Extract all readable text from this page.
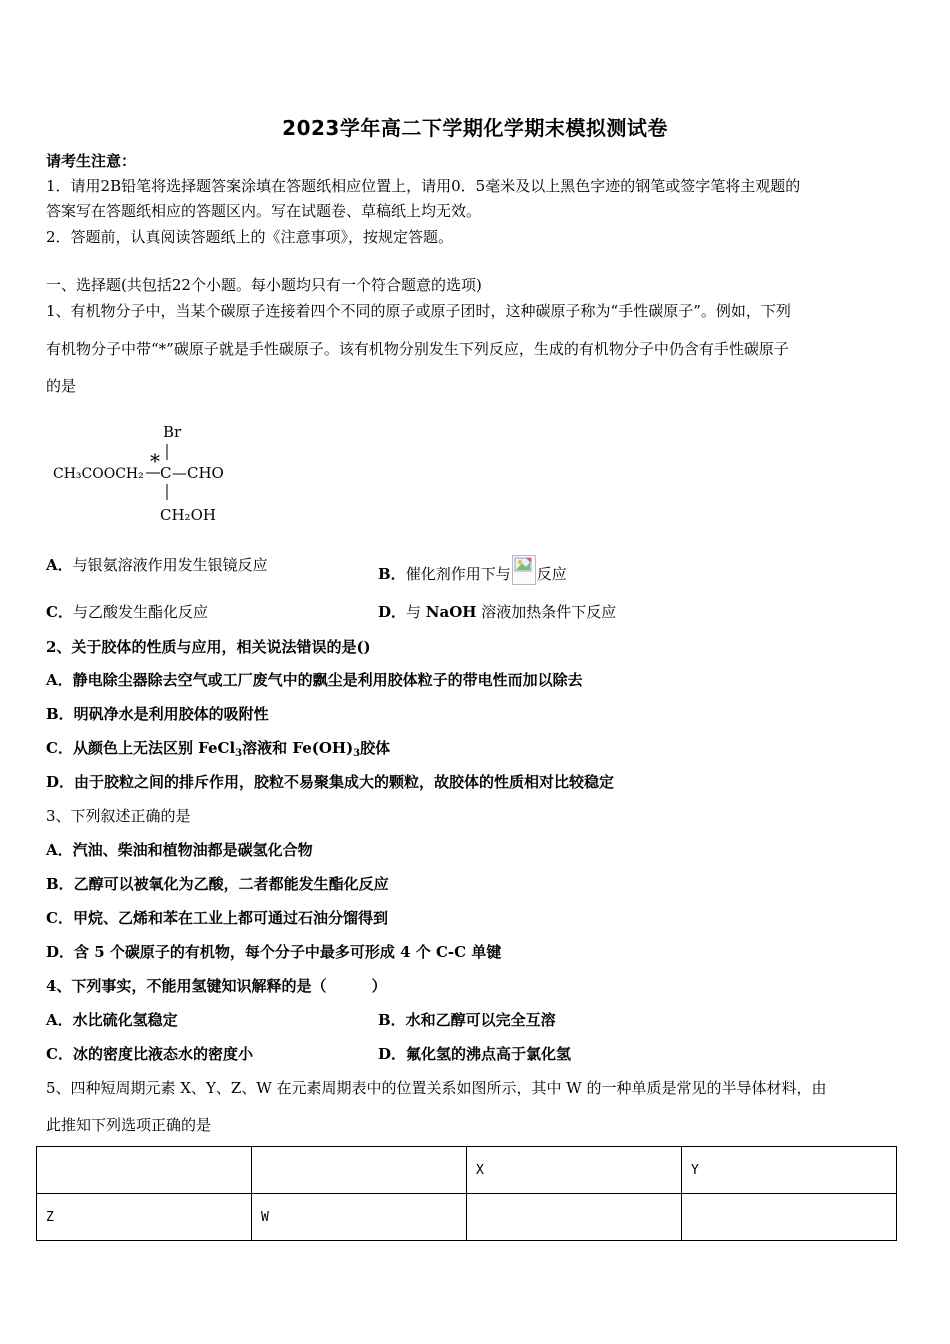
2023学年高二下学期化学期末模拟测试卷
请考生注意：
1．请用2B铅笔将选择题答案涂填在答题纸相应位置上，请用0．5毫米及以上黑色字迹的钢笔或签字笔将主观题的
答案写在答题纸相应的答题区内。写在试题卷、草稿纸上均无效。
2．答题前，认真阅读答题纸上的《注意事项》，按规定答题。
一、选择题(共包括22个小题。每小题均只有一个符合题意的选项)
1、有机物分子中，当某个碳原子连接着四个不同的原子或原子团时，这种碳原子称为“手性碳原子”。例如，下列
有机物分子中带“*”碳原子就是手性碳原子。该有机物分别发生下列反应，生成的有机物分子中仍含有手性碳原子
的是
Br
CH₃COOCH₂
* C —CHO
CH₂OH
A．与银氨溶液作用发生银镜反应	B．催化剂作用下与 反应
C．与乙酸发生酯化反应	D．与 NaOH 溶液加热条件下反应
2、关于胶体的性质与应用，相关说法错误的是()
A．静电除尘器除去空气或工厂废气中的飘尘是利用胶体粒子的带电性而加以除去
B．明矾净水是利用胶体的吸附性
C．从颜色上无法区别 FeCl$_3$溶液和 $Fe(OH)_3$胶体
D．由于胶粒之间的排斥作用，胶粒不易聚集成大的颗粒，故胶体的性质相对比较稳定
3、下列叙述正确的是
A．汽油、柴油和植物油都是碳氢化合物
B．乙醇可以被氧化为乙酸，二者都能发生酯化反应
C．甲烷、乙烯和苯在工业上都可通过石油分馏得到
D．含 5 个碳原子的有机物，每个分子中最多可形成 4 个 C-C 单键
4、下列事实，不能用氢键知识解释的是（　　　）
A．水比硫化氢稳定	B．水和乙醇可以完全互溶
C．冰的密度比液态水的密度小	D．氟化氢的沸点高于氯化氢
5、四种短周期元素 X、Y、Z、W 在元素周期表中的位置关系如图所示，其中 W 的一种单质是常见的半导体材料，由
此推知下列选项正确的是
		X	Y
Z	W		
